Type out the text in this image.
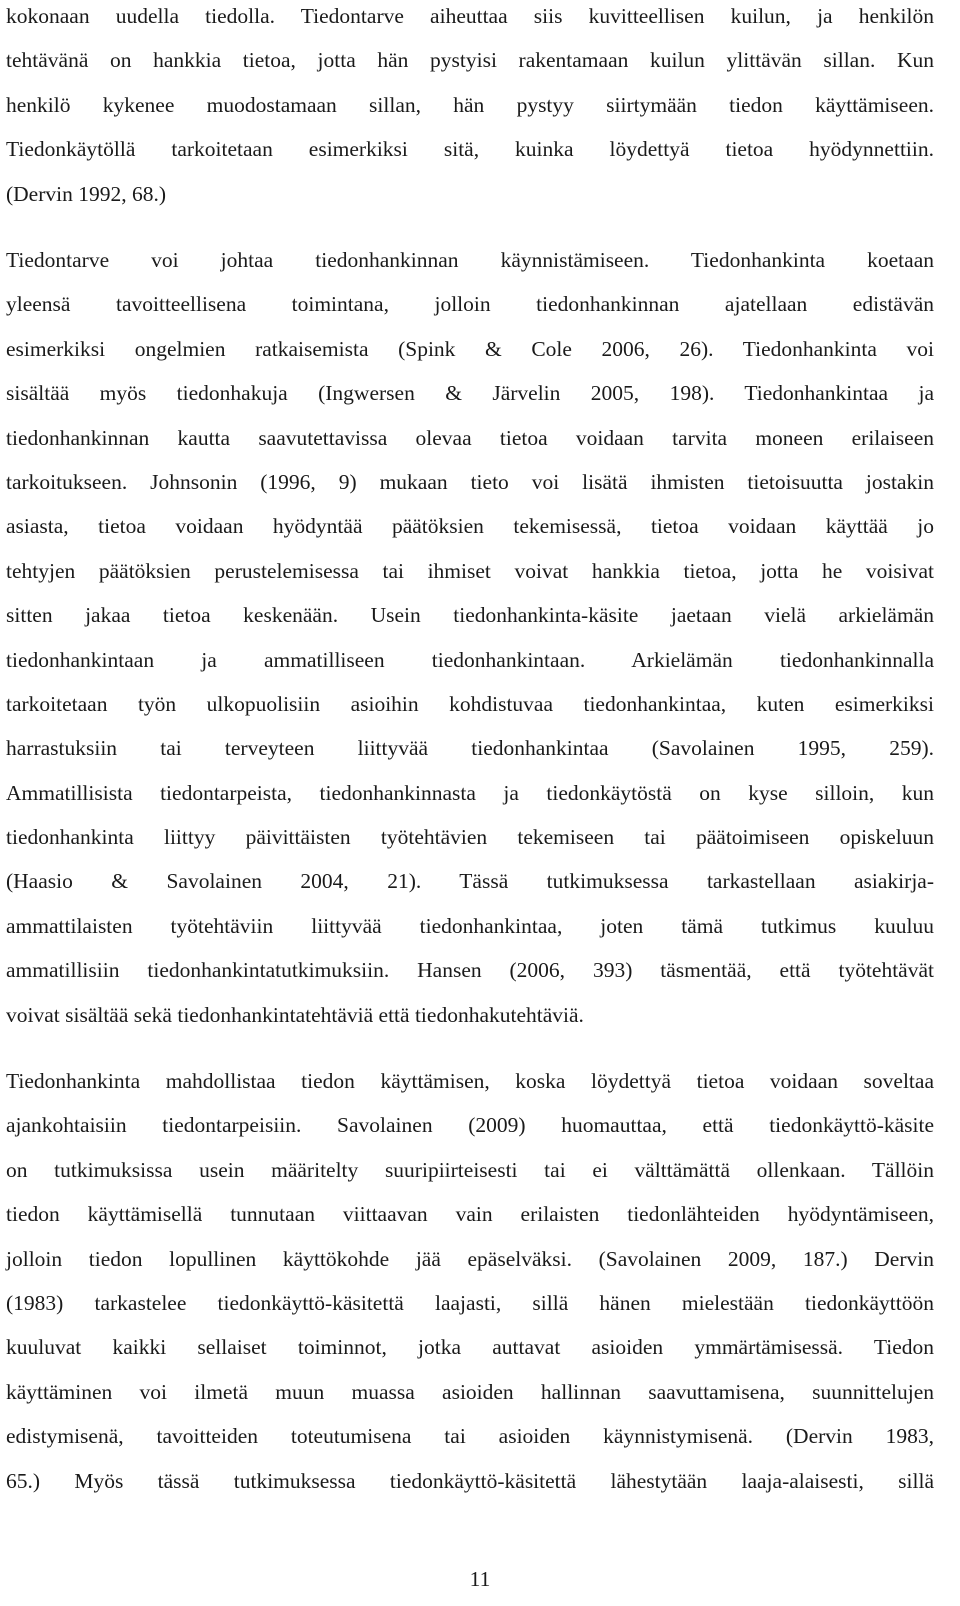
kokonaan uudella tiedolla. Tiedontarve aiheuttaa siis kuvitteellisen kuilun, ja henkilön
tehtävänä on hankkia tietoa, jotta hän pystyisi rakentamaan kuilun ylittävän sillan. Kun
henkilö kykenee muodostamaan sillan, hän pystyy siirtymään tiedon käyttämiseen.
Tiedonkäytöllä tarkoitetaan esimerkiksi sitä, kuinka löydettyä tietoa hyödynnettiin.
(Dervin 1992, 68.)
Tiedontarve voi johtaa tiedonhankinnan käynnistämiseen. Tiedonhankinta koetaan
yleensä tavoitteellisena toimintana, jolloin tiedonhankinnan ajatellaan edistävän
esimerkiksi ongelmien ratkaisemista (Spink & Cole 2006, 26). Tiedonhankinta voi
sisältää myös tiedonhakuja (Ingwersen & Järvelin 2005, 198). Tiedonhankintaa ja
tiedonhankinnan kautta saavutettavissa olevaa tietoa voidaan tarvita moneen erilaiseen
tarkoitukseen. Johnsonin (1996, 9) mukaan tieto voi lisätä ihmisten tietoisuutta jostakin
asiasta, tietoa voidaan hyödyntää päätöksien tekemisessä, tietoa voidaan käyttää jo
tehtyjen päätöksien perustelemisessa tai ihmiset voivat hankkia tietoa, jotta he voisivat
sitten jakaa tietoa keskenään. Usein tiedonhankinta-käsite jaetaan vielä arkielämän
tiedonhankintaan ja ammatilliseen tiedonhankintaan. Arkielämän tiedonhankinnalla
tarkoitetaan työn ulkopuolisiin asioihin kohdistuvaa tiedonhankintaa, kuten esimerkiksi
harrastuksiin tai terveyteen liittyvää tiedonhankintaa (Savolainen 1995, 259).
Ammatillisista tiedontarpeista, tiedonhankinnasta ja tiedonkäytöstä on kyse silloin, kun
tiedonhankinta liittyy päivittäisten työtehtävien tekemiseen tai päätoimiseen opiskeluun
(Haasio & Savolainen 2004, 21). Tässä tutkimuksessa tarkastellaan asiakirja-
ammattilaisten työtehtäviin liittyvää tiedonhankintaa, joten tämä tutkimus kuuluu
ammatillisiin tiedonhankintatutkimuksiin. Hansen (2006, 393) täsmentää, että työtehtävät
voivat sisältää sekä tiedonhankintatehtäviä että tiedonhakutehtäviä.
Tiedonhankinta mahdollistaa tiedon käyttämisen, koska löydettyä tietoa voidaan soveltaa
ajankohtaisiin tiedontarpeisiin. Savolainen (2009) huomauttaa, että tiedonkäyttö-käsite
on tutkimuksissa usein määritelty suuripiirteisesti tai ei välttämättä ollenkaan. Tällöin
tiedon käyttämisellä tunnutaan viittaavan vain erilaisten tiedonlähteiden hyödyntämiseen,
jolloin tiedon lopullinen käyttökohde jää epäselväksi. (Savolainen 2009, 187.) Dervin
(1983) tarkastelee tiedonkäyttö-käsitettä laajasti, sillä hänen mielestään tiedonkäyttöön
kuuluvat kaikki sellaiset toiminnot, jotka auttavat asioiden ymmärtämisessä. Tiedon
käyttäminen voi ilmetä muun muassa asioiden hallinnan saavuttamisena, suunnittelujen
edistymisenä, tavoitteiden toteutumisena tai asioiden käynnistymisenä. (Dervin 1983,
65.) Myös tässä tutkimuksessa tiedonkäyttö-käsitettä lähestytään laaja-alaisesti, sillä
11
